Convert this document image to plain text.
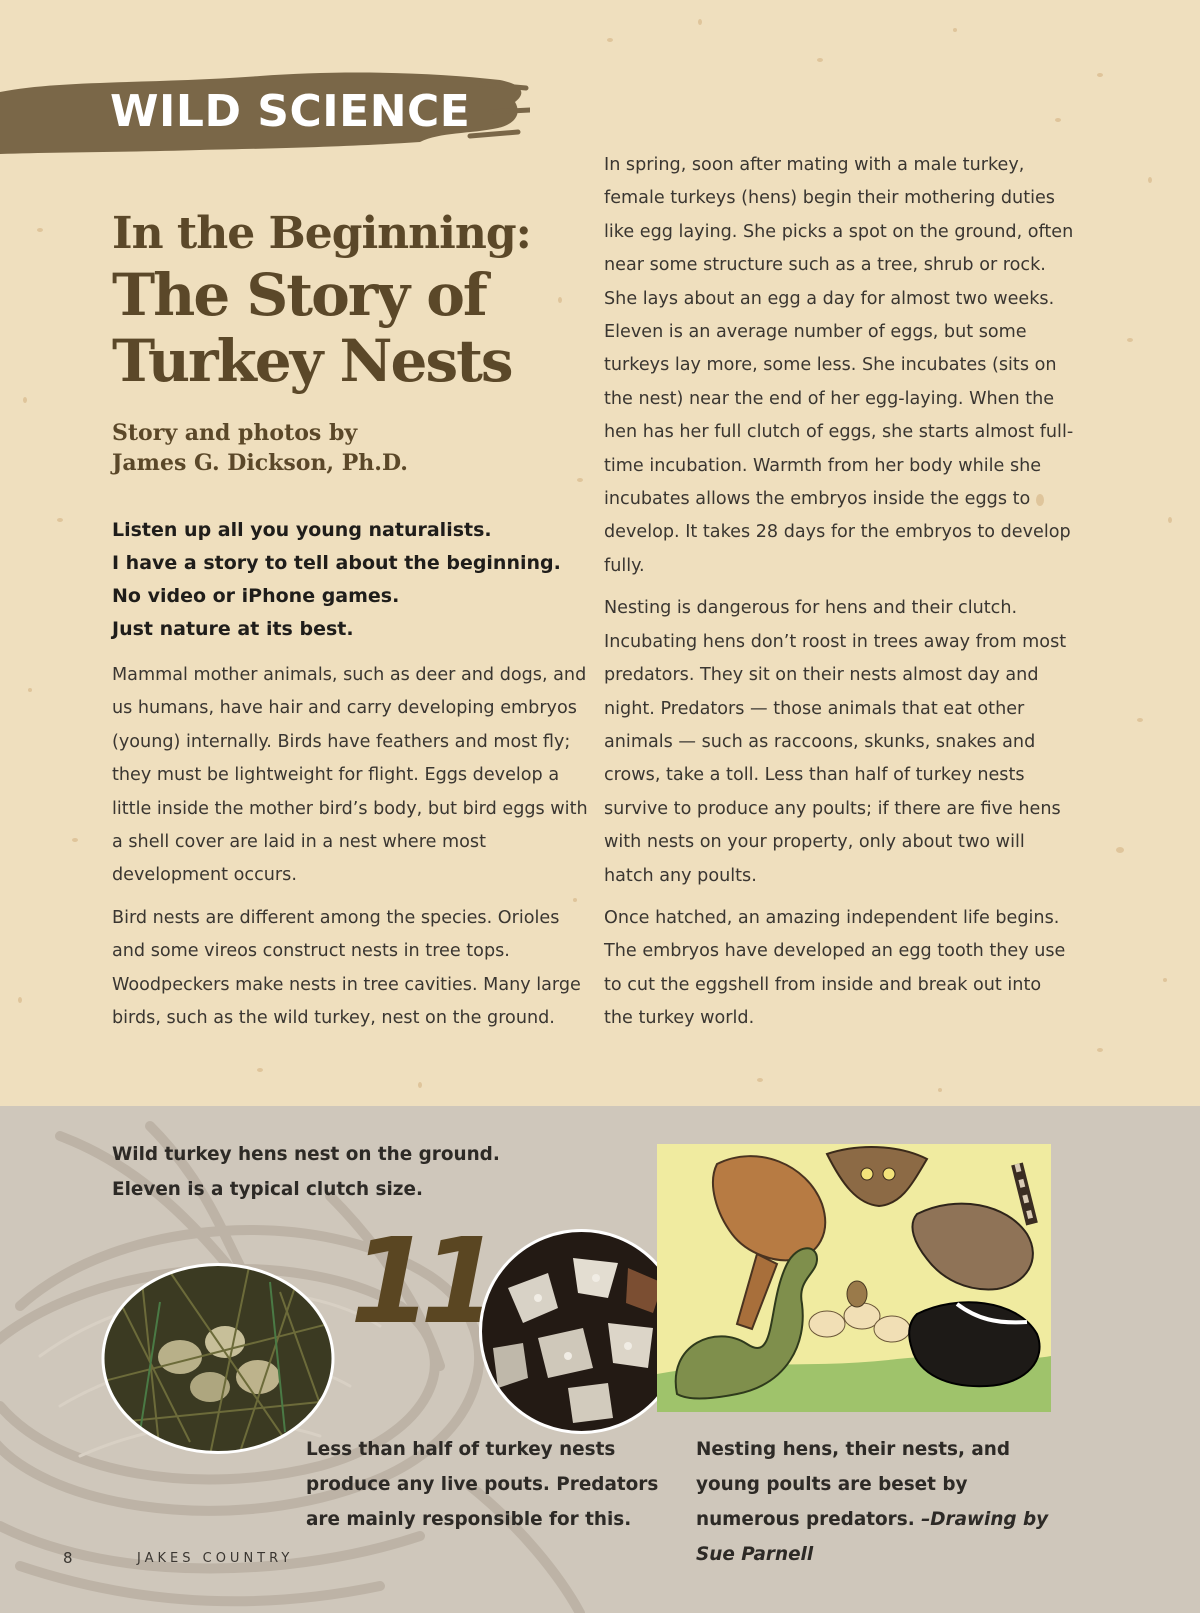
WILD SCIENCE
In the Beginning:
The Story of Turkey Nests
Story and photos by
James G. Dickson, Ph.D.
Listen up all you young naturalists.
I have a story to tell about the beginning.
No video or iPhone games.
Just nature at its best.

Mammal mother animals, such as deer and dogs, and us humans, have hair and carry developing embryos (young) internally. Birds have feathers and most fly; they must be lightweight for flight. Eggs develop a little inside the mother bird’s body, but bird eggs with a shell cover are laid in a nest where most development occurs.

Bird nests are different among the species. Orioles and some vireos construct nests in tree tops. Woodpeckers make nests in tree cavities. Many large birds, such as the wild turkey, nest on the ground.

In spring, soon after mating with a male turkey, female turkeys (hens) begin their mothering duties like egg laying. She picks a spot on the ground, often near some structure such as a tree, shrub or rock. She lays about an egg a day for almost two weeks. Eleven is an average number of eggs, but some turkeys lay more, some less. She incubates (sits on the nest) near the end of her egg-laying. When the hen has her full clutch of eggs, she starts almost full-time incubation. Warmth from her body while she incubates allows the embryos inside the eggs to develop. It takes 28 days for the embryos to develop fully.

Nesting is dangerous for hens and their clutch. Incubating hens don’t roost in trees away from most predators. They sit on their nests almost day and night. Predators — those animals that eat other animals — such as raccoons, skunks, snakes and crows, take a toll. Less than half of turkey nests survive to produce any poults; if there are five hens with nests on your property, only about two will hatch any poults.

Once hatched, an amazing independent life begins. The embryos have developed an egg tooth they use to cut the eggshell from inside and break out into the turkey world.

Wild turkey hens nest on the ground.
Eleven is a typical clutch size.
11
Less than half of turkey nests produce any live pouts. Predators are mainly responsible for this.
Nesting hens, their nests, and young poults are beset by numerous predators. –Drawing by Sue Parnell
8	JAKES COUNTRY
